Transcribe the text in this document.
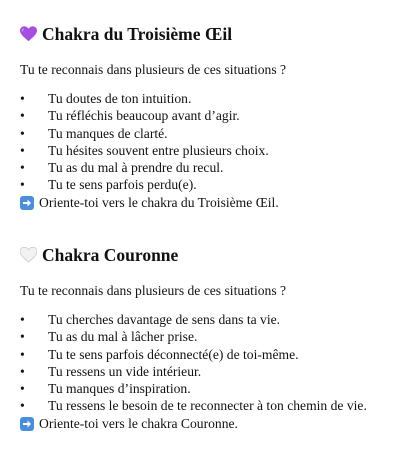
Chakra du Troisième Œil
Tu te reconnais dans plusieurs de ces situations ?
•	Tu doutes de ton intuition.
•	Tu réfléchis beaucoup avant d’agir.
•	Tu manques de clarté.
•	Tu hésites souvent entre plusieurs choix.
•	Tu as du mal à prendre du recul.
•	Tu te sens parfois perdu(e).
Oriente-toi vers le chakra du Troisième Œil.
Chakra Couronne
Tu te reconnais dans plusieurs de ces situations ?
•	Tu cherches davantage de sens dans ta vie.
•	Tu as du mal à lâcher prise.
•	Tu te sens parfois déconnecté(e) de toi-même.
•	Tu ressens un vide intérieur.
•	Tu manques d’inspiration.
•	Tu ressens le besoin de te reconnecter à ton chemin de vie.
Oriente-toi vers le chakra Couronne.
